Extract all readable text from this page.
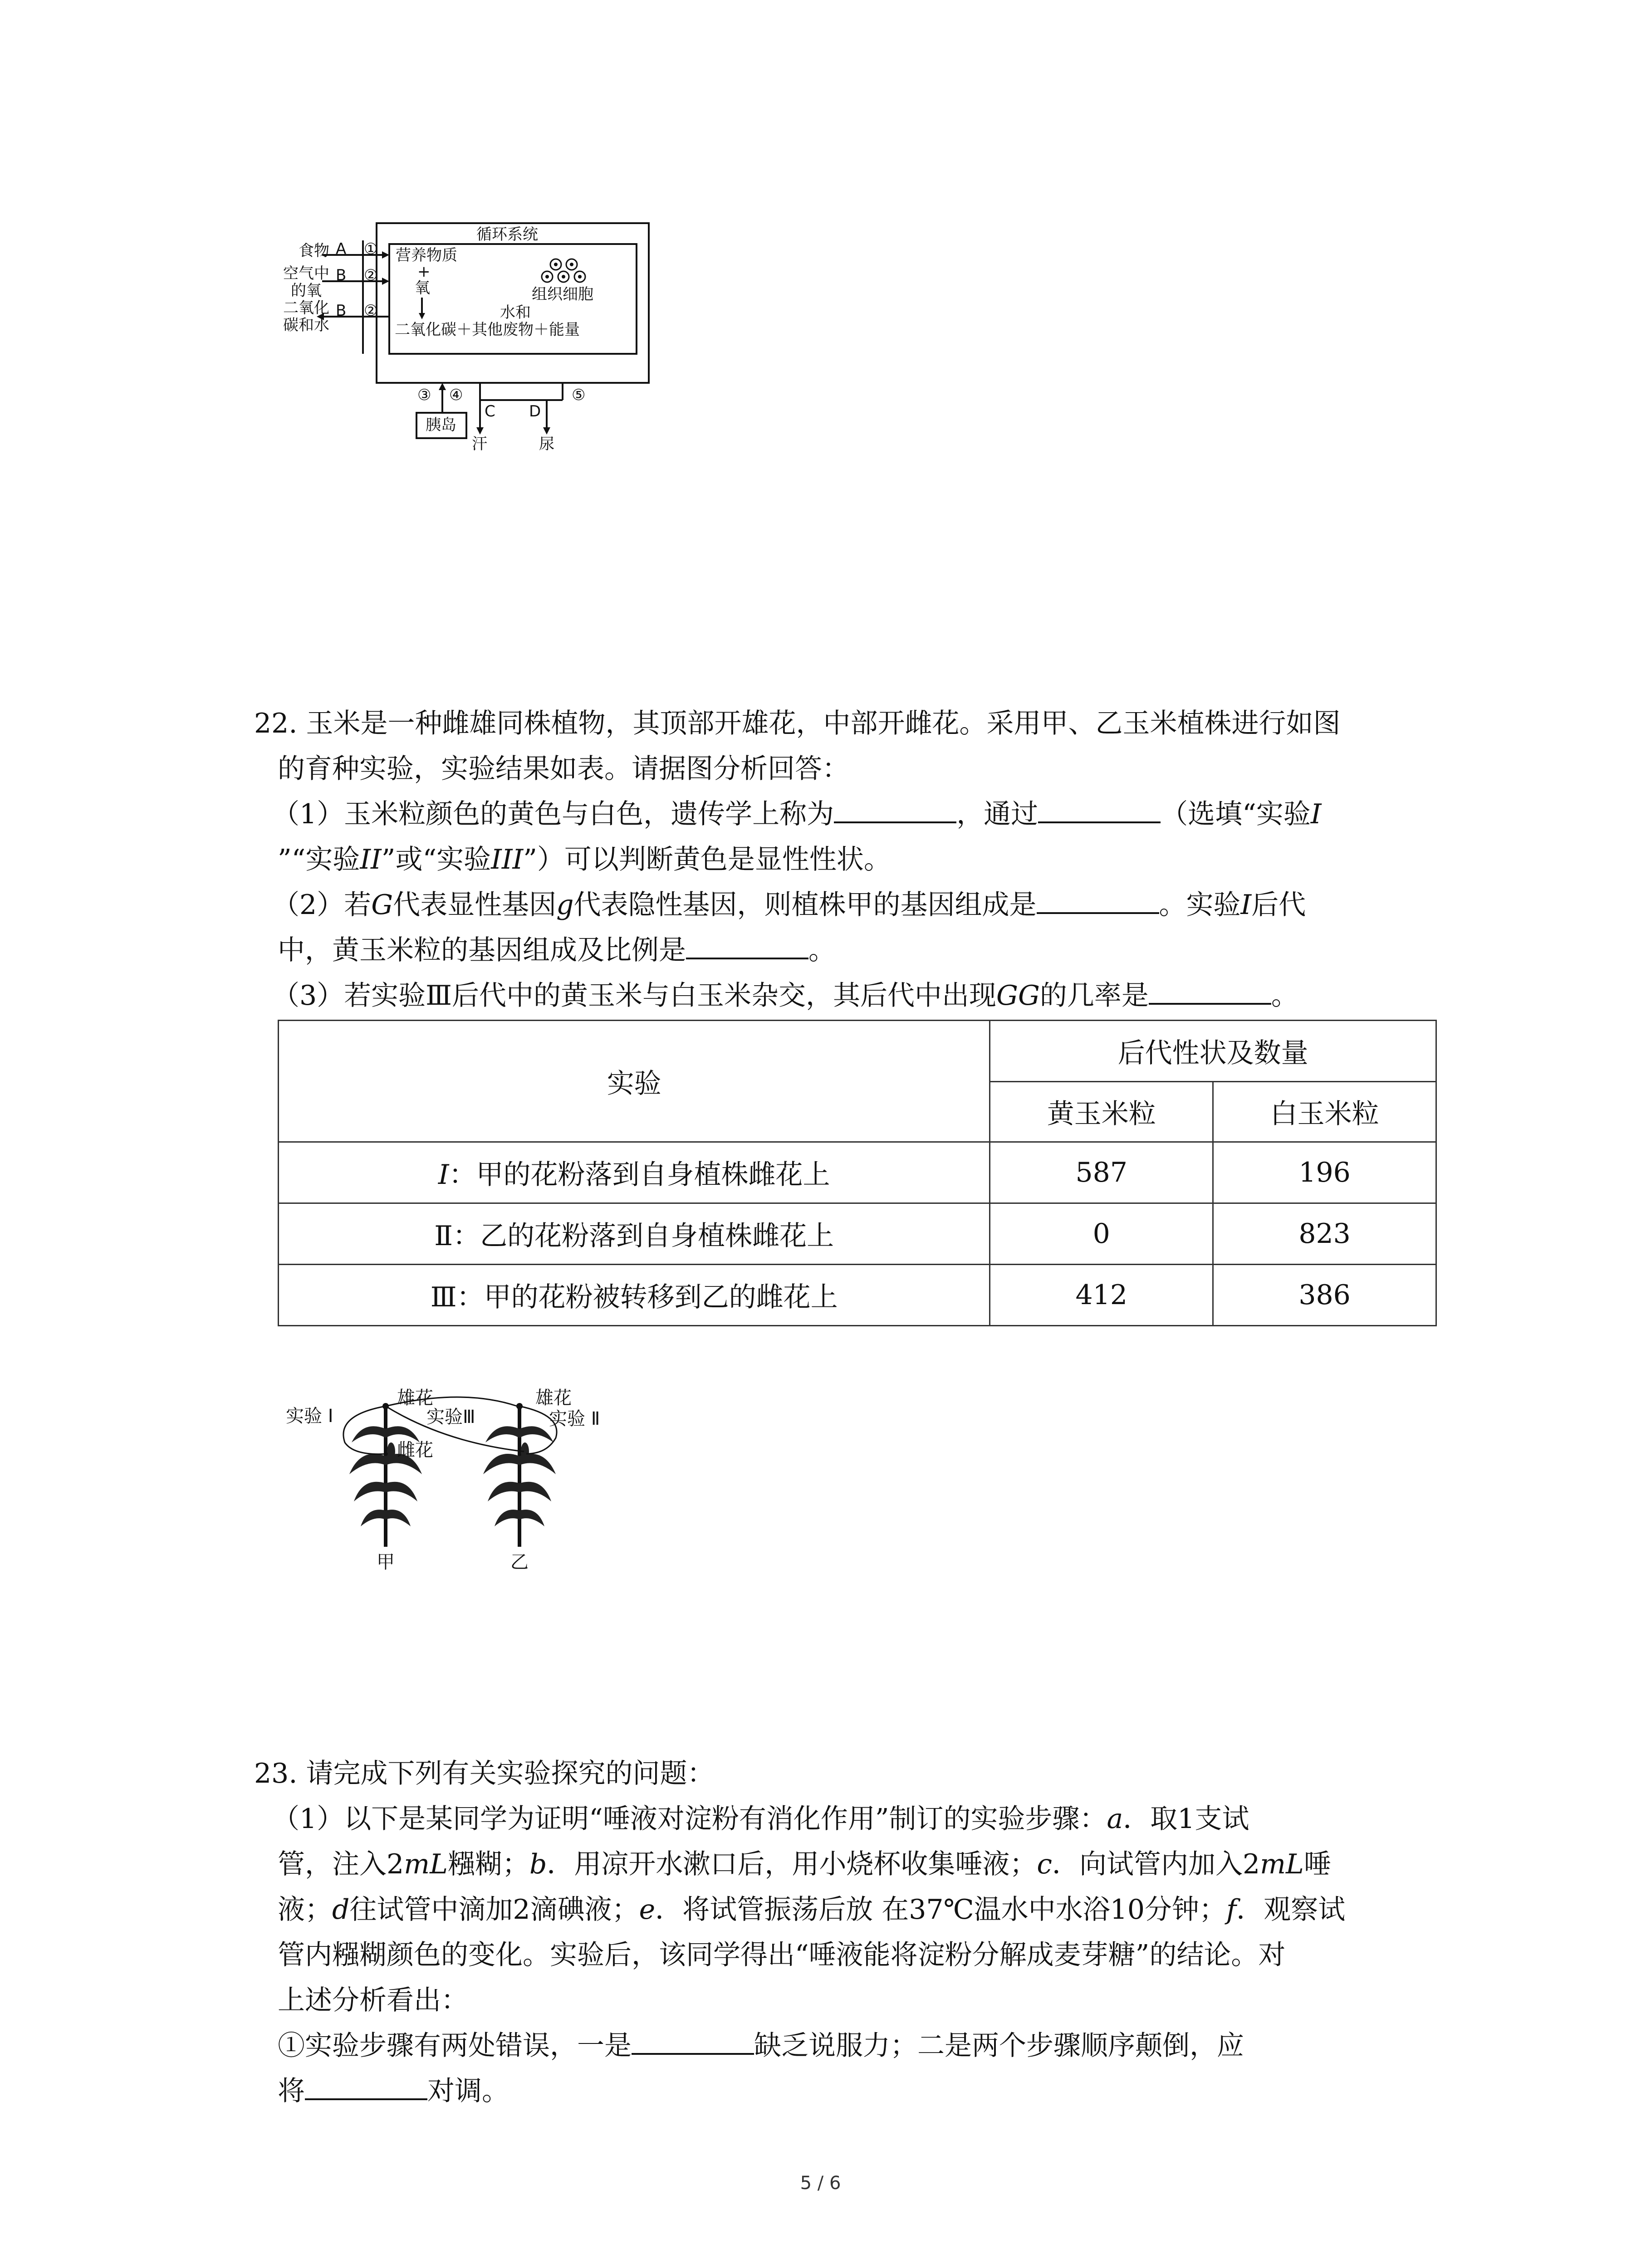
循环系统
食物 A ①
空气中的氧
B ②
二氧化碳和水
B ②
营养物质
+
氧	组织细胞
水和
二氧化碳＋其他废物＋能量
③ ④	⑤
C D
胰岛
汗	尿
22. 玉米是一种雌雄同株植物，其顶部开雄花，中部开雌花。采用甲、乙玉米植株进行如图
的育种实验，实验结果如表。请据图分析回答：
（1）玉米粒颜色的黄色与白色，遗传学上称为	，通过	（选填“实验I
”“实验II”或“实验III”）可以判断黄色是显性性状。
（2）若G代表显性基因g代表隐性基因，则植株甲的基因组成是	。实验I后代
中，黄玉米粒的基因组成及比例是	。
（3）若实验Ⅲ后代中的黄玉米与白玉米杂交，其后代中出现GG的几率是	。
实验	后代性状及数量	
	黄玉米粒	白玉米粒
I：甲的花粉落到自身植株雌花上	587	196
Ⅱ：乙的花粉落到自身植株雌花上	0	823
Ⅲ：甲的花粉被转移到乙的雌花上	412	386
实验 I
雄花
实验Ⅲ
雌花
雄花
实验 Ⅱ
甲	乙
23. 请完成下列有关实验探究的问题：
（1）以下是某同学为证明“唾液对淀粉有消化作用”制订的实验步骤：a．取1支试
管，注入2mL糨糊；b．用凉开水漱口后，用小烧杯收集唾液；c．向试管内加入2mL唾
液；d往试管中滴加2滴碘液；e．将试管振荡后放 在37℃温水中水浴10分钟；f．观察试
管内糨糊颜色的变化。实验后，该同学得出“唾液能将淀粉分解成麦芽糖”的结论。对
上述分析看出：
①实验步骤有两处错误，一是	缺乏说服力；二是两个步骤顺序颠倒，应
将	对调。
5 / 6
